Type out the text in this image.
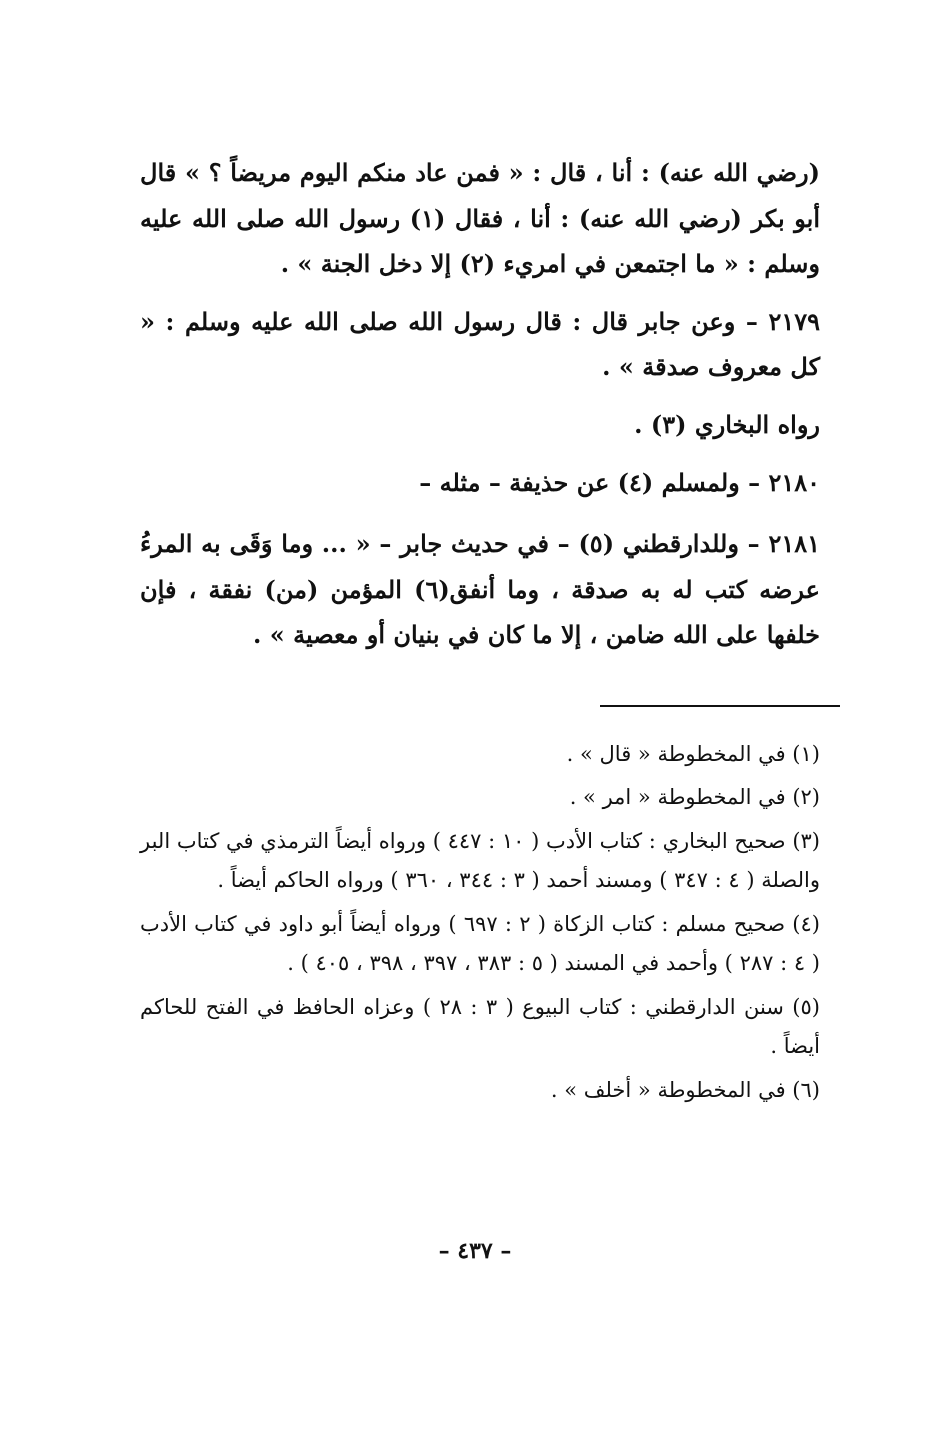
(رضي الله عنه) : أنا ، قال : « فمن عاد منكم اليوم مريضاً ؟ » قال أبو بكر (رضي الله عنه) : أنا ، فقال (١) رسول الله صلى الله عليه وسلم : « ما اجتمعن في امريء (٢) إلا دخل الجنة » .

٢١٧٩ – وعن جابر قال : قال رسول الله صلى الله عليه وسلم : « كل معروف صدقة » .

رواه البخاري (٣) .

٢١٨٠ – ولمسلم (٤) عن حذيفة – مثله –

٢١٨١ – وللدارقطني (٥) – في حديث جابر – « ... وما وَقَى به المرءُ عرضه كتب له به صدقة ، وما أنفق(٦) المؤمن (من) نفقة ، فإن خلفها على الله ضامن ، إلا ما كان في بنيان أو معصية » .

(١) في المخطوطة « قال » .

(٢) في المخطوطة « امر » .

(٣) صحيح البخاري : كتاب الأدب ( ١٠ : ٤٤٧ ) ورواه أيضاً الترمذي في كتاب البر والصلة ( ٤ : ٣٤٧ ) ومسند أحمد ( ٣ : ٣٤٤ ، ٣٦٠ ) ورواه الحاكم أيضاً .

(٤) صحيح مسلم : كتاب الزكاة ( ٢ : ٦٩٧ ) ورواه أيضاً أبو داود في كتاب الأدب ( ٤ : ٢٨٧ ) وأحمد في المسند ( ٥ : ٣٨٣ ، ٣٩٧ ، ٣٩٨ ، ٤٠٥ ) .

(٥) سنن الدارقطني : كتاب البيوع ( ٣ : ٢٨ ) وعزاه الحافظ في الفتح للحاكم أيضاً .

(٦) في المخطوطة « أخلف » .

– ٤٣٧ –
